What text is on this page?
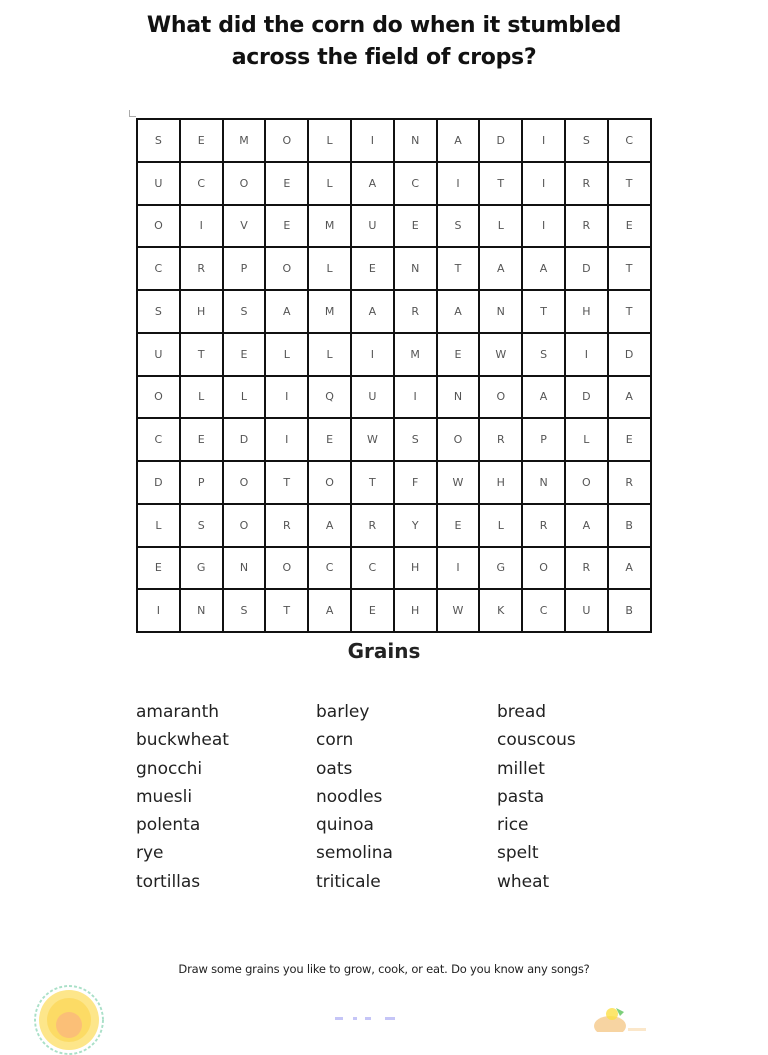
What did the corn do when it stumbled
across the field of crops?
S	E	M	O	L	I	N	A	D	I	S	C
U	C	O	E	L	A	C	I	T	I	R	T
O	I	V	E	M	U	E	S	L	I	R	E
C	R	P	O	L	E	N	T	A	A	D	T
S	H	S	A	M	A	R	A	N	T	H	T
U	T	E	L	L	I	M	E	W	S	I	D
O	L	L	I	Q	U	I	N	O	A	D	A
C	E	D	I	E	W	S	O	R	P	L	E
D	P	O	T	O	T	F	W	H	N	O	R
L	S	O	R	A	R	Y	E	L	R	A	B
E	G	N	O	C	C	H	I	G	O	R	A
I	N	S	T	A	E	H	W	K	C	U	B
Grains
amaranth
buckwheat
gnocchi
muesli
polenta
rye
tortillas
barley
corn
oats
noodles
quinoa
semolina
triticale
bread
couscous
millet
pasta
rice
spelt
wheat
Draw some grains you like to grow, cook, or eat. Do you know any songs?
